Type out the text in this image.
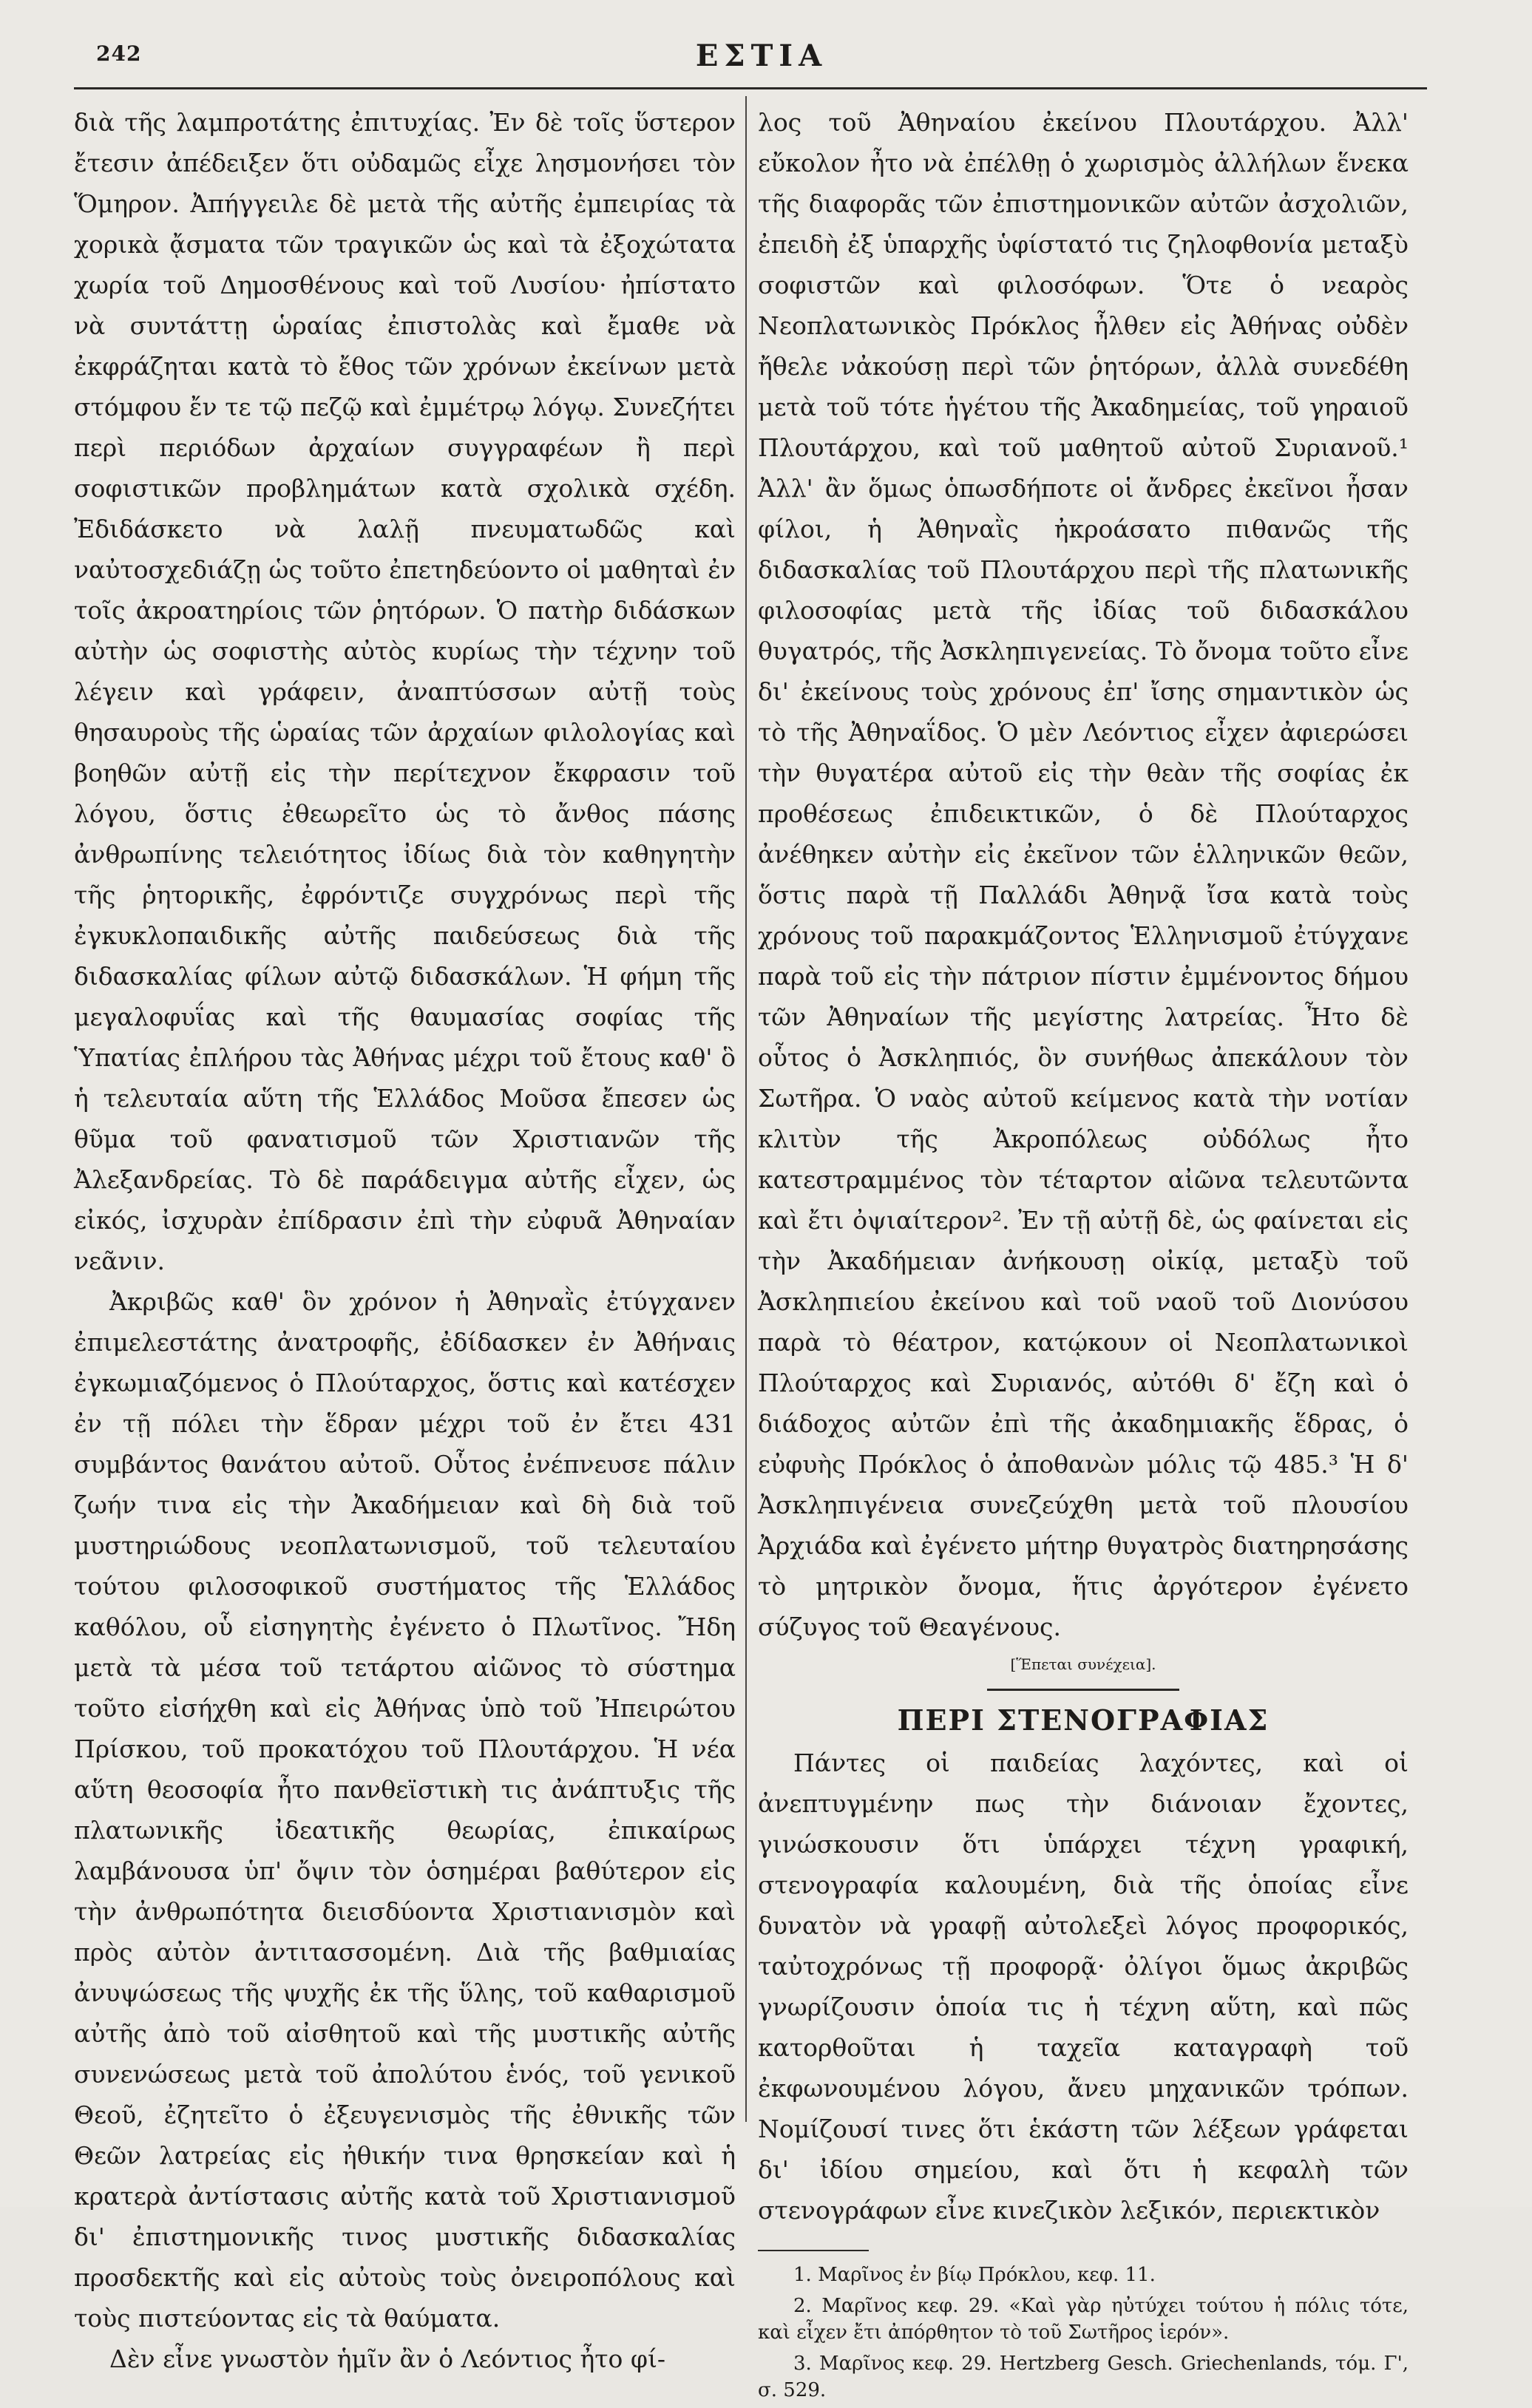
242	ΕΣΤΙΑ

διὰ τῆς λαμπροτάτης ἐπιτυχίας. Ἐν δὲ τοῖς ὕστερον ἔτεσιν ἀπέδειξεν ὅτι οὐδαμῶς εἶχε λησμονήσει τὸν Ὅμηρον. Ἀπήγγειλε δὲ μετὰ τῆς αὐτῆς ἐμπειρίας τὰ χορικὰ ᾄσματα τῶν τραγικῶν ὡς καὶ τὰ ἐξοχώτατα χωρία τοῦ Δημοσθένους καὶ τοῦ Λυσίου· ἠπίστατο νὰ συντάττῃ ὡραίας ἐπιστολὰς καὶ ἔμαθε νὰ ἐκφράζηται κατὰ τὸ ἔθος τῶν χρόνων ἐκείνων μετὰ στόμφου ἔν τε τῷ πεζῷ καὶ ἐμμέτρῳ λόγῳ. Συνεζήτει περὶ περιόδων ἀρχαίων συγγραφέων ἢ περὶ σοφιστικῶν προβλημάτων κατὰ σχολικὰ σχέδη. Ἐδιδάσκετο νὰ λαλῇ πνευματωδῶς καὶ ναὐτοσχεδιάζῃ ὡς τοῦτο ἐπετηδεύοντο οἱ μαθηταὶ ἐν τοῖς ἀκροατηρίοις τῶν ῥητόρων. Ὁ πατὴρ διδάσκων αὐτὴν ὡς σοφιστὴς αὐτὸς κυρίως τὴν τέχνην τοῦ λέγειν καὶ γράφειν, ἀναπτύσσων αὐτῇ τοὺς θησαυροὺς τῆς ὡραίας τῶν ἀρχαίων φιλολογίας καὶ βοηθῶν αὐτῇ εἰς τὴν περίτεχνον ἔκφρασιν τοῦ λόγου, ὅστις ἐθεωρεῖτο ὡς τὸ ἄνθος πάσης ἀνθρωπίνης τελειότητος ἰδίως διὰ τὸν καθηγητὴν τῆς ῥητορικῆς, ἐφρόντιζε συγχρόνως περὶ τῆς ἐγκυκλοπαιδικῆς αὐτῆς παιδεύσεως διὰ τῆς διδασκαλίας φίλων αὐτῷ διδασκάλων. Ἡ φήμη τῆς μεγαλοφυΐας καὶ τῆς θαυμασίας σοφίας τῆς Ὑπατίας ἐπλήρου τὰς Ἀθήνας μέχρι τοῦ ἔτους καθ' ὃ ἡ τελευταία αὕτη τῆς Ἑλλάδος Μοῦσα ἔπεσεν ὡς θῦμα τοῦ φανατισμοῦ τῶν Χριστιανῶν τῆς Ἀλεξανδρείας. Τὸ δὲ παράδειγμα αὐτῆς εἶχεν, ὡς εἰκός, ἰσχυρὰν ἐπίδρασιν ἐπὶ τὴν εὐφυᾶ Ἀθηναίαν νεᾶνιν.

Ἀκριβῶς καθ' ὃν χρόνον ἡ Ἀθηναῒς ἐτύγχανεν ἐπιμελεστάτης ἀνατροφῆς, ἐδίδασκεν ἐν Ἀθήναις ἐγκωμιαζόμενος ὁ Πλούταρχος, ὅστις καὶ κατέσχεν ἐν τῇ πόλει τὴν ἕδραν μέχρι τοῦ ἐν ἔτει 431 συμβάντος θανάτου αὐτοῦ. Οὗτος ἐνέπνευσε πάλιν ζωήν τινα εἰς τὴν Ἀκαδήμειαν καὶ δὴ διὰ τοῦ μυστηριώδους νεοπλατωνισμοῦ, τοῦ τελευταίου τούτου φιλοσοφικοῦ συστήματος τῆς Ἑλλάδος καθόλου, οὗ εἰσηγητὴς ἐγένετο ὁ Πλωτῖνος. Ἤδη μετὰ τὰ μέσα τοῦ τετάρτου αἰῶνος τὸ σύστημα τοῦτο εἰσήχθη καὶ εἰς Ἀθήνας ὑπὸ τοῦ Ἠπειρώτου Πρίσκου, τοῦ προκατόχου τοῦ Πλουτάρχου. Ἡ νέα αὕτη θεοσοφία ἦτο πανθεϊστικὴ τις ἀνάπτυξις τῆς πλατωνικῆς ἰδεατικῆς θεωρίας, ἐπικαίρως λαμβάνουσα ὑπ' ὄψιν τὸν ὁσημέραι βαθύτερον εἰς τὴν ἀνθρωπότητα διεισδύοντα Χριστιανισμὸν καὶ πρὸς αὐτὸν ἀντιτασσομένη. Διὰ τῆς βαθμιαίας ἀνυψώσεως τῆς ψυχῆς ἐκ τῆς ὕλης, τοῦ καθαρισμοῦ αὐτῆς ἀπὸ τοῦ αἰσθητοῦ καὶ τῆς μυστικῆς αὐτῆς συνενώσεως μετὰ τοῦ ἀπολύτου ἑνός, τοῦ γενικοῦ Θεοῦ, ἐζητεῖτο ὁ ἐξευγενισμὸς τῆς ἐθνικῆς τῶν Θεῶν λατρείας εἰς ἠθικήν τινα θρησκείαν καὶ ἡ κρατερὰ ἀντίστασις αὐτῆς κατὰ τοῦ Χριστιανισμοῦ δι' ἐπιστημονικῆς τινος μυστικῆς διδασκαλίας προσδεκτῆς καὶ εἰς αὐτοὺς τοὺς ὀνειροπόλους καὶ τοὺς πιστεύοντας εἰς τὰ θαύματα.

Δὲν εἶνε γνωστὸν ἡμῖν ἂν ὁ Λεόντιος ἦτο φί-

λος τοῦ Ἀθηναίου ἐκείνου Πλουτάρχου. Ἀλλ' εὔκολον ἦτο νὰ ἐπέλθῃ ὁ χωρισμὸς ἀλλήλων ἕνεκα τῆς διαφορᾶς τῶν ἐπιστημονικῶν αὐτῶν ἀσχολιῶν, ἐπειδὴ ἐξ ὑπαρχῆς ὑφίστατό τις ζηλοφθονία μεταξὺ σοφιστῶν καὶ φιλοσόφων. Ὅτε ὁ νεαρὸς Νεοπλατωνικὸς Πρόκλος ἦλθεν εἰς Ἀθήνας οὐδὲν ἤθελε νἀκούσῃ περὶ τῶν ῥητόρων, ἀλλὰ συνεδέθη μετὰ τοῦ τότε ἡγέτου τῆς Ἀκαδημείας, τοῦ γηραιοῦ Πλουτάρχου, καὶ τοῦ μαθητοῦ αὐτοῦ Συριανοῦ.¹ Ἀλλ' ἂν ὅμως ὁπωσδήποτε οἱ ἄνδρες ἐκεῖνοι ἦσαν φίλοι, ἡ Ἀθηναῒς ἠκροάσατο πιθανῶς τῆς διδασκαλίας τοῦ Πλουτάρχου περὶ τῆς πλατωνικῆς φιλοσοφίας μετὰ τῆς ἰδίας τοῦ διδασκάλου θυγατρός, τῆς Ἀσκληπιγενείας. Τὸ ὄνομα τοῦτο εἶνε δι' ἐκείνους τοὺς χρόνους ἐπ' ἴσης σημαντικὸν ὡς τὸ τῆς Ἀθηναΐδος. Ὁ μὲν Λεόντιος εἶχεν ἀφιερώσει τὴν θυγατέρα αὐτοῦ εἰς τὴν θεὰν τῆς σοφίας ἐκ προθέσεως ἐπιδεικτικῶν, ὁ δὲ Πλούταρχος ἀνέθηκεν αὐτὴν εἰς ἐκεῖνον τῶν ἑλληνικῶν θεῶν, ὅστις παρὰ τῇ Παλλάδι Ἀθηνᾷ ἴσα κατὰ τοὺς χρόνους τοῦ παρακμάζοντος Ἑλληνισμοῦ ἐτύγχανε παρὰ τοῦ εἰς τὴν πάτριον πίστιν ἐμμένοντος δήμου τῶν Ἀθηναίων τῆς μεγίστης λατρείας. Ἦτο δὲ οὗτος ὁ Ἀσκληπιός, ὃν συνήθως ἀπεκάλουν τὸν Σωτῆρα. Ὁ ναὸς αὐτοῦ κείμενος κατὰ τὴν νοτίαν κλιτὺν τῆς Ἀκροπόλεως οὐδόλως ἦτο κατεστραμμένος τὸν τέταρτον αἰῶνα τελευτῶντα καὶ ἔτι ὀψιαίτερον². Ἐν τῇ αὐτῇ δὲ, ὡς φαίνεται εἰς τὴν Ἀκαδήμειαν ἀνήκουσῃ οἰκίᾳ, μεταξὺ τοῦ Ἀσκληπιείου ἐκείνου καὶ τοῦ ναοῦ τοῦ Διονύσου παρὰ τὸ θέατρον, κατῴκουν οἱ Νεοπλατωνικοὶ Πλούταρχος καὶ Συριανός, αὐτόθι δ' ἔζη καὶ ὁ διάδοχος αὐτῶν ἐπὶ τῆς ἀκαδημιακῆς ἕδρας, ὁ εὐφυὴς Πρόκλος ὁ ἀποθανὼν μόλις τῷ 485.³ Ἡ δ' Ἀσκληπιγένεια συνεζεύχθη μετὰ τοῦ πλουσίου Ἀρχιάδα καὶ ἐγένετο μήτηρ θυγατρὸς διατηρησάσης τὸ μητρικὸν ὄνομα, ἥτις ἀργότερον ἐγένετο σύζυγος τοῦ Θεαγένους.

[Ἕπεται συνέχεια].

ΠΕΡΙ ΣΤΕΝΟΓΡΑΦΙΑΣ

Πάντες οἱ παιδείας λαχόντες, καὶ οἱ ἀνεπτυγμένην πως τὴν διάνοιαν ἔχοντες, γινώσκουσιν ὅτι ὑπάρχει τέχνη γραφική, στενογραφία καλουμένη, διὰ τῆς ὁποίας εἶνε δυνατὸν νὰ γραφῇ αὐτολεξεὶ λόγος προφορικός, ταὐτοχρόνως τῇ προφορᾷ· ὀλίγοι ὅμως ἀκριβῶς γνωρίζουσιν ὁποία τις ἡ τέχνη αὕτη, καὶ πῶς κατορθοῦται ἡ ταχεῖα καταγραφὴ τοῦ ἐκφωνουμένου λόγου, ἄνευ μηχανικῶν τρόπων. Νομίζουσί τινες ὅτι ἑκάστη τῶν λέξεων γράφεται δι' ἰδίου σημείου, καὶ ὅτι ἡ κεφαλὴ τῶν στενογράφων εἶνε κινεζικὸν λεξικόν, περιεκτικὸν

1. Μαρῖνος ἐν βίῳ Πρόκλου, κεφ. 11.

2. Μαρῖνος κεφ. 29. «Καὶ γὰρ ηὐτύχει τούτου ἡ πόλις τότε, καὶ εἶχεν ἔτι ἀπόρθητον τὸ τοῦ Σωτῆρος ἱερόν».

3. Μαρῖνος κεφ. 29. Hertzberg Gesch. Griechenlands, τόμ. Γ', σ. 529.
